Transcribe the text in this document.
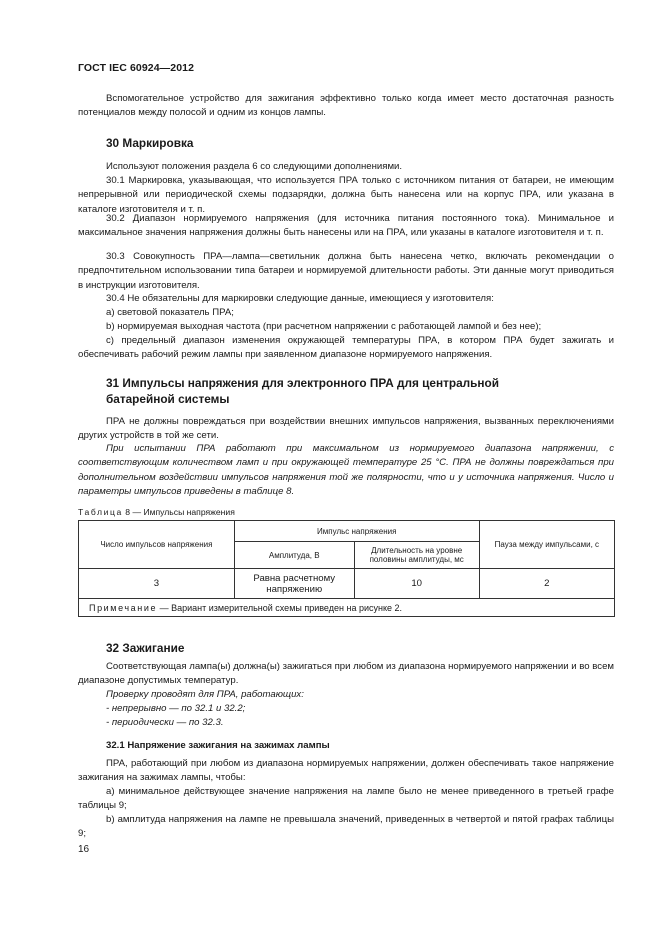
ГОСТ IEC 60924—2012
Вспомогательное устройство для зажигания эффективно только когда имеет место достаточная разность потенциалов между полосой и одним из концов лампы.
30 Маркировка
Используют положения раздела 6 со следующими дополнениями.
30.1 Маркировка, указывающая, что используется ПРА только с источником питания от батареи, не имеющим непрерывной или периодической схемы подзарядки, должна быть нанесена или на корпус ПРА, или указана в каталоге изготовителя и т. п.
30.2 Диапазон нормируемого напряжения (для источника питания постоянного тока). Минимальное и максимальное значения напряжения должны быть нанесены или на ПРА, или указаны в каталоге изготовителя и т. п.
30.3 Совокупность ПРА—лампа—светильник должна быть нанесена четко, включать рекомендации о предпочтительном использовании типа батареи и нормируемой длительности работы. Эти данные могут приводиться в инструкции изготовителя.
30.4 Не обязательны для маркировки следующие данные, имеющиеся у изготовителя:
a) световой показатель ПРА;
b) нормируемая выходная частота (при расчетном напряжении с работающей лампой и без нее);
c) предельный диапазон изменения окружающей температуры ПРА, в котором ПРА будет зажигать и обеспечивать рабочий режим лампы при заявленном диапазоне нормируемого напряжения.
31 Импульсы напряжения для электронного ПРА для центральной
батарейной системы
ПРА не должны повреждаться при воздействии внешних импульсов напряжения, вызванных переключениями других устройств в той же сети.
При испытании ПРА работают при максимальном из нормируемого диапазона напряжении, с соответствующим количеством ламп и при окружающей температуре 25 °С. ПРА не должны повреждаться при дополнительном воздействии импульсов напряжения той же полярности, что и у источника напряжения. Число и параметры импульсов приведены в таблице 8.
Таблица 8 — Импульсы напряжения
Число импульсов напряжения	Импульс напряжения		Пауза между импульсами, с
	Амплитуда, В	Длительность на уровне половины амплитуды, мс	
3	Равна расчетному напряжению	10	2
Примечание — Вариант измерительной схемы приведен на рисунке 2.			
32 Зажигание
Соответствующая лампа(ы) должна(ы) зажигаться при любом из диапазона нормируемого напряжении и во всем диапазоне допустимых температур.
Проверку проводят для ПРА, работающих:
- непрерывно — по 32.1 и 32.2;
- периодически — по 32.3.
32.1 Напряжение зажигания на зажимах лампы
ПРА, работающий при любом из диапазона нормируемых напряжении, должен обеспечивать такое напряжение зажигания на зажимах лампы, чтобы:
a) минимальное действующее значение напряжения на лампе было не менее приведенного в третьей графе таблицы 9;
b) амплитуда напряжения на лампе не превышала значений, приведенных в четвертой и пятой графах таблицы 9;
16
